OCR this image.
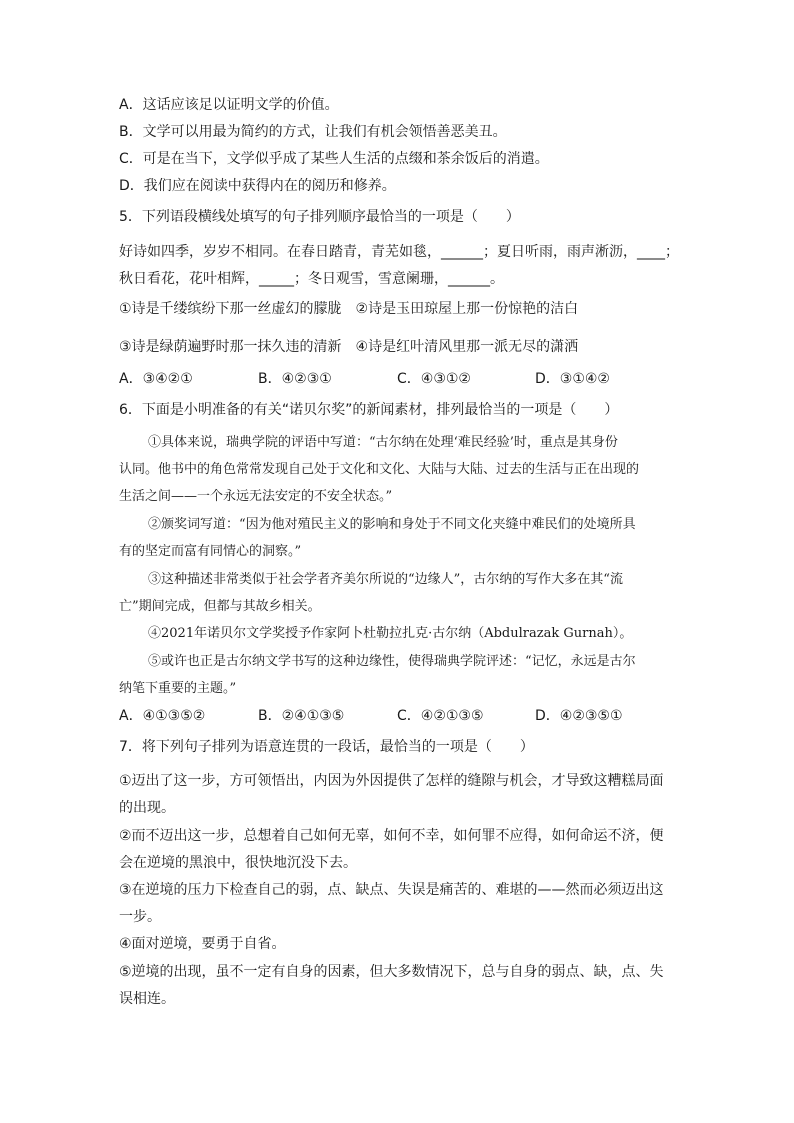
A．这话应该足以证明文学的价值。
B．文学可以用最为简约的方式，让我们有机会领悟善恶美丑。
C．可是在当下，文学似乎成了某些人生活的点缀和茶余饭后的消遣。
D．我们应在阅读中获得内在的阅历和修养。
5．下列语段横线处填写的句子排列顺序最恰当的一项是（　　）
好诗如四季，岁岁不相同。在春日踏青，青芜如毯，______；夏日听雨，雨声淅沥，____；
秋日看花，花叶相辉，_____；冬日观雪，雪意阑珊，______。
①诗是千缕缤纷下那一丝虚幻的朦胧　②诗是玉田琼屋上那一份惊艳的洁白
③诗是绿荫遍野时那一抹久违的清新　④诗是红叶清风里那一派无尽的潇洒
A．③④②①	B．④②③①	C．④③①②	D．③①④②
6．下面是小明准备的有关“诺贝尔奖”的新闻素材，排列最恰当的一项是（　　）
①具体来说，瑞典学院的评语中写道：“古尔纳在处理‘难民经验’时，重点是其身份
认同。他书中的角色常常发现自己处于文化和文化、大陆与大陆、过去的生活与正在出现的
生活之间——一个永远无法安定的不安全状态。”
②颁奖词写道：“因为他对殖民主义的影响和身处于不同文化夹缝中难民们的处境所具
有的坚定而富有同情心的洞察。”
③这种描述非常类似于社会学者齐美尔所说的“边缘人”，古尔纳的写作大多在其“流
亡”期间完成，但都与其故乡相关。
④2021年诺贝尔文学奖授予作家阿卜杜勒拉扎克·古尔纳（Abdulrazak Gurnah）。
⑤或许也正是古尔纳文学书写的这种边缘性，使得瑞典学院评述：“记忆，永远是古尔
纳笔下重要的主题。”
A．④①③⑤②	B．②④①③⑤	C．④②①③⑤	D．④②③⑤①
7．将下列句子排列为语意连贯的一段话，最恰当的一项是（　　）
①迈出了这一步，方可领悟出，内因为外因提供了怎样的缝隙与机会，才导致这糟糕局面
的出现。
②而不迈出这一步，总想着自己如何无辜，如何不幸，如何罪不应得，如何命运不济，便
会在逆境的黑浪中，很快地沉没下去。
③在逆境的压力下检查自己的弱，点、缺点、失误是痛苦的、难堪的——然而必须迈出这
一步。
④面对逆境，要勇于自省。
⑤逆境的出现，虽不一定有自身的因素，但大多数情况下，总与自身的弱点、缺，点、失
误相连。
